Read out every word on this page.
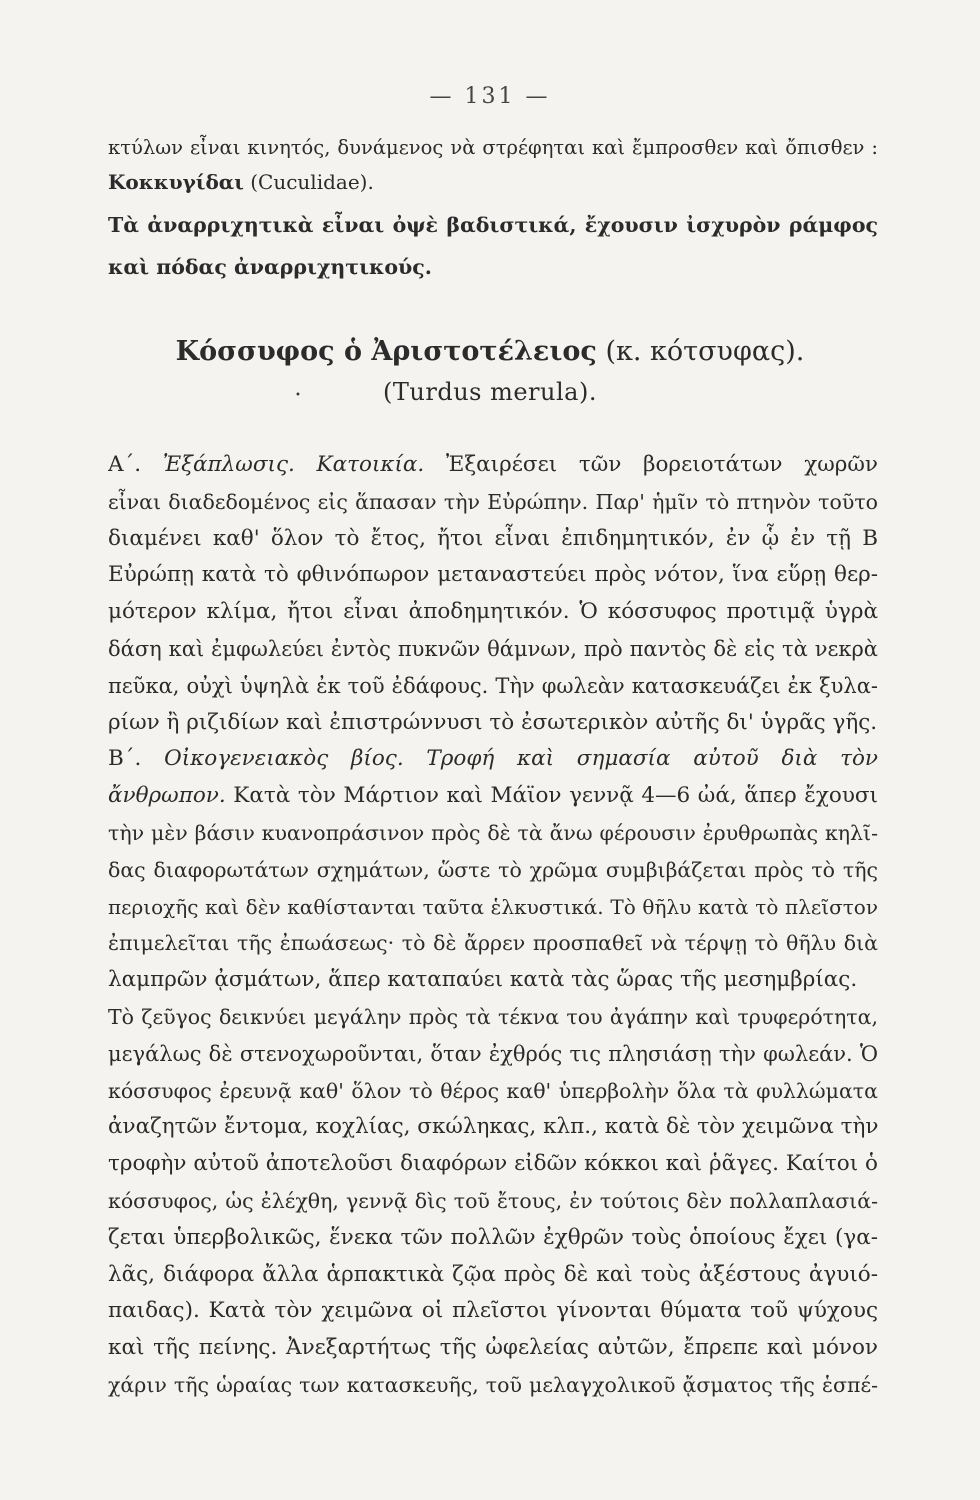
— 131 —
κτύλων εἶναι κινητός, δυνάμενος νὰ στρέφηται καὶ ἔμπροσθεν καὶ ὄπισθεν :
Κοκκυγίδαι (Cuculidae).
Τὰ ἀναρριχητικὰ εἶναι ὀψὲ βαδιστικά, ἔχουσιν ἰσχυρὸν ράμφος
καὶ πόδας ἀναρριχητικούς.
Κόσσυφος ὁ Ἀριστοτέλειος (κ. κότσυφας).
•	(Turdus merula).
Α΄. Ἐξάπλωσις. Κατοικία. Ἐξαιρέσει τῶν βορειοτάτων χωρῶν
εἶναι διαδεδομένος εἰς ἅπασαν τὴν Εὐρώπην. Παρ' ἡμῖν τὸ πτηνὸν τοῦτο
διαμένει καθ' ὅλον τὸ ἔτος, ἤτοι εἶναι ἐπιδημητικόν, ἐν ᾧ ἐν τῇ Β
Εὐρώπῃ κατὰ τὸ φθινόπωρον μεταναστεύει πρὸς νότον, ἵνα εὕρῃ θερ-
μότερον κλίμα, ἤτοι εἶναι ἀποδημητικόν. Ὁ κόσσυφος προτιμᾷ ὑγρὰ
δάση καὶ ἐμφωλεύει ἐντὸς πυκνῶν θάμνων, πρὸ παντὸς δὲ εἰς τὰ νεκρὰ
πεῦκα, οὐχὶ ὑψηλὰ ἐκ τοῦ ἐδάφους. Τὴν φωλεὰν κατασκευάζει ἐκ ξυλα-
ρίων ἢ ριζιδίων καὶ ἐπιστρώννυσι τὸ ἐσωτερικὸν αὐτῆς δι' ὑγρᾶς γῆς.
Β΄. Οἰκογενειακὸς βίος. Τροφή καὶ σημασία αὐτοῦ διὰ τὸν
ἄνθρωπον. Κατὰ τὸν Μάρτιον καὶ Μάϊον γεννᾷ 4—6 ὠά, ἅπερ ἔχουσι
τὴν μὲν βάσιν κυανοπράσινον πρὸς δὲ τὰ ἄνω φέρουσιν ἐρυθρωπὰς κηλῖ-
δας διαφορωτάτων σχημάτων, ὥστε τὸ χρῶμα συμβιβάζεται πρὸς τὸ τῆς
περιοχῆς καὶ δὲν καθίστανται ταῦτα ἑλκυστικά. Τὸ θῆλυ κατὰ τὸ πλεῖστον
ἐπιμελεῖται τῆς ἐπωάσεως· τὸ δὲ ἄρρεν προσπαθεῖ νὰ τέρψῃ τὸ θῆλυ διὰ
λαμπρῶν ᾀσμάτων, ἅπερ καταπαύει κατὰ τὰς ὥρας τῆς μεσημβρίας.
Τὸ ζεῦγος δεικνύει μεγάλην πρὸς τὰ τέκνα του ἀγάπην καὶ τρυφερότητα,
μεγάλως δὲ στενοχωροῦνται, ὅταν ἐχθρός τις πλησιάσῃ τὴν φωλεάν. Ὁ
κόσσυφος ἐρευνᾷ καθ' ὅλον τὸ θέρος καθ' ὑπερβολὴν ὅλα τὰ φυλλώματα
ἀναζητῶν ἔντομα, κοχλίας, σκώληκας, κλπ., κατὰ δὲ τὸν χειμῶνα τὴν
τροφὴν αὐτοῦ ἀποτελοῦσι διαφόρων εἰδῶν κόκκοι καὶ ῥᾶγες. Καίτοι ὁ
κόσσυφος, ὡς ἐλέχθη, γεννᾷ δὶς τοῦ ἔτους, ἐν τούτοις δὲν πολλαπλασιά-
ζεται ὑπερβολικῶς, ἕνεκα τῶν πολλῶν ἐχθρῶν τοὺς ὁποίους ἔχει (γα-
λᾶς, διάφορα ἄλλα ἁρπακτικὰ ζῷα πρὸς δὲ καὶ τοὺς ἀξέστους ἀγυιό-
παιδας). Κατὰ τὸν χειμῶνα οἱ πλεῖστοι γίνονται θύματα τοῦ ψύχους
καὶ τῆς πείνης. Ἀνεξαρτήτως τῆς ὠφελείας αὐτῶν, ἔπρεπε καὶ μόνον
χάριν τῆς ὡραίας των κατασκευῆς, τοῦ μελαγχολικοῦ ᾄσματος τῆς ἑσπέ-
